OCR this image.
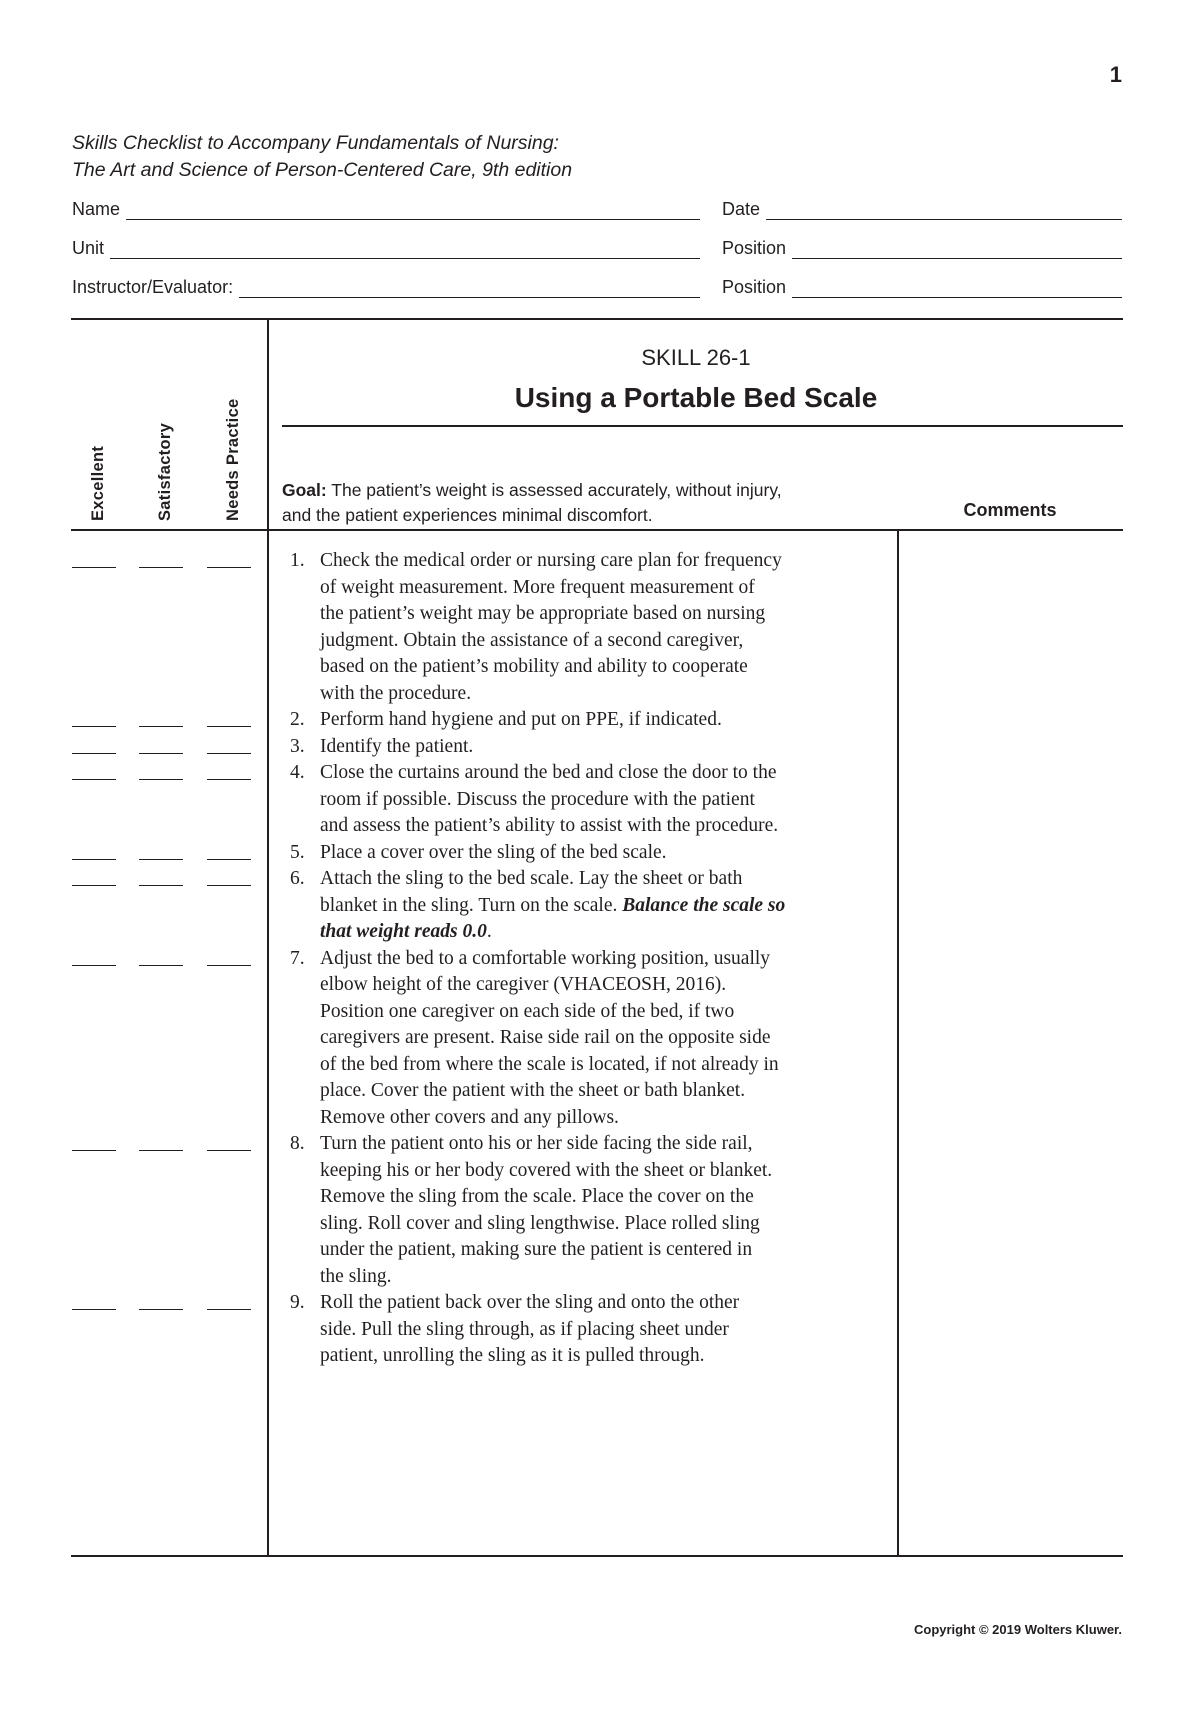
1
Skills Checklist to Accompany Fundamentals of Nursing:
The Art and Science of Person-Centered Care, 9th edition
Name	Date
Unit	Position
Instructor/Evaluator:	Position
Excellent	Satisfactory	Needs Practice
SKILL 26-1
Using a Portable Bed Scale
Goal: The patient’s weight is assessed accurately, without injury,
and the patient experiences minimal discomfort.	Comments
1. Check the medical order or nursing care plan for frequency
of weight measurement. More frequent measurement of
the patient’s weight may be appropriate based on nursing
judgment. Obtain the assistance of a second caregiver,
based on the patient’s mobility and ability to cooperate
with the procedure.
2. Perform hand hygiene and put on PPE, if indicated.
3. Identify the patient.
4. Close the curtains around the bed and close the door to the
room if possible. Discuss the procedure with the patient
and assess the patient’s ability to assist with the procedure.
5. Place a cover over the sling of the bed scale.
6. Attach the sling to the bed scale. Lay the sheet or bath
blanket in the sling. Turn on the scale. Balance the scale so
that weight reads 0.0.
7. Adjust the bed to a comfortable working position, usually
elbow height of the caregiver (VHACEOSH, 2016).
Position one caregiver on each side of the bed, if two
caregivers are present. Raise side rail on the opposite side
of the bed from where the scale is located, if not already in
place. Cover the patient with the sheet or bath blanket.
Remove other covers and any pillows.
8. Turn the patient onto his or her side facing the side rail,
keeping his or her body covered with the sheet or blanket.
Remove the sling from the scale. Place the cover on the
sling. Roll cover and sling lengthwise. Place rolled sling
under the patient, making sure the patient is centered in
the sling.
9. Roll the patient back over the sling and onto the other
side. Pull the sling through, as if placing sheet under
patient, unrolling the sling as it is pulled through.
Copyright © 2019 Wolters Kluwer.
